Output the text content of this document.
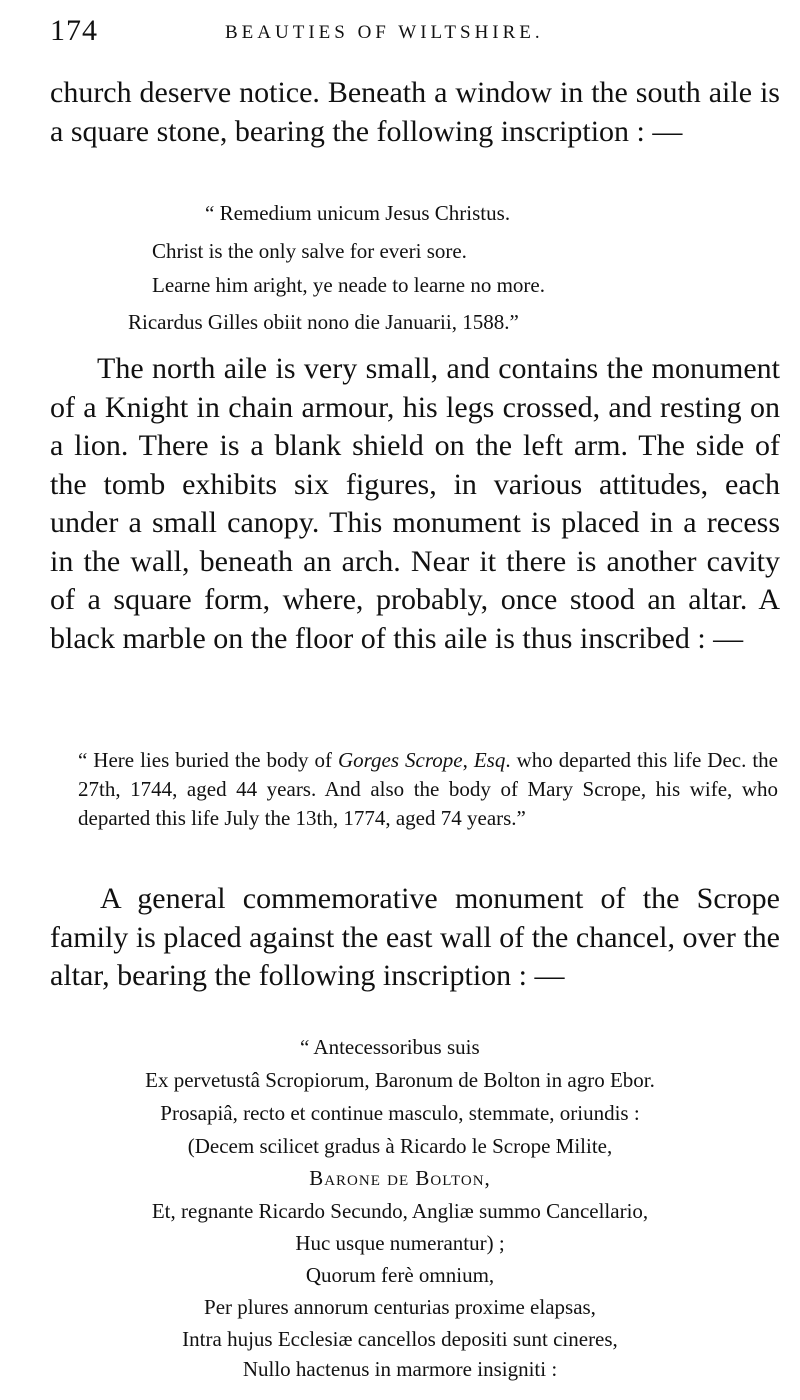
174	BEAUTIES OF WILTSHIRE.

church deserve notice. Beneath a window in the south aile is a square stone, bearing the following inscription : —

“ Remedium unicum Jesus Christus.

Christ is the only salve for everi sore.

Learne him aright, ye neade to learne no more.

Ricardus Gilles obiit nono die Januarii, 1588.”

The north aile is very small, and contains the monument of a Knight in chain armour, his legs crossed, and resting on a lion. There is a blank shield on the left arm. The side of the tomb exhibits six figures, in various attitudes, each under a small canopy. This monument is placed in a recess in the wall, beneath an arch. Near it there is another cavity of a square form, where, probably, once stood an altar. A black marble on the floor of this aile is thus inscribed : —

“ Here lies buried the body of Gorges Scrope, Esq. who departed this life Dec. the 27th, 1744, aged 44 years. And also the body of Mary Scrope, his wife, who departed this life July the 13th, 1774, aged 74 years.”

A general commemorative monument of the Scrope family is placed against the east wall of the chancel, over the altar, bearing the following inscription : —

“ Antecessoribus suis

Ex pervetustâ Scropiorum, Baronum de Bolton in agro Ebor.

Prosapiâ, recto et continue masculo, stemmate, oriundis :

(Decem scilicet gradus à Ricardo le Scrope Milite,

Barone de Bolton,

Et, regnante Ricardo Secundo, Angliæ summo Cancellario,

Huc usque numerantur) ;

Quorum ferè omnium,

Per plures annorum centurias proxime elapsas,

Intra hujus Ecclesiæ cancellos depositi sunt cineres,

Nullo hactenus in marmore insigniti :
